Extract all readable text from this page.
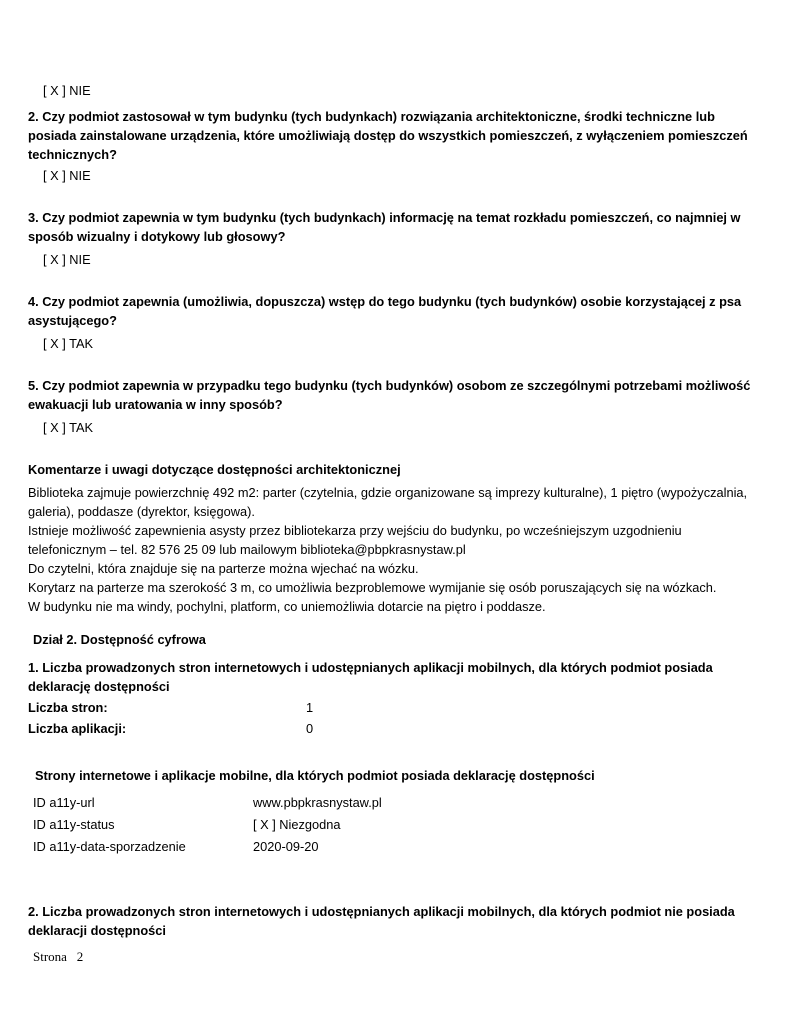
[ X ] NIE
2. Czy podmiot zastosował w tym budynku (tych budynkach) rozwiązania architektoniczne, środki techniczne lub
posiada zainstalowane urządzenia, które umożliwiają dostęp do wszystkich pomieszczeń, z wyłączeniem pomieszczeń
technicznych?
[ X ] NIE
3. Czy podmiot zapewnia w tym budynku (tych budynkach) informację na temat rozkładu pomieszczeń, co najmniej w
sposób wizualny i dotykowy lub głosowy?
[ X ] NIE
4. Czy podmiot zapewnia (umożliwia, dopuszcza) wstęp do tego budynku (tych budynków) osobie korzystającej z psa
asystującego?
[ X ] TAK
5. Czy podmiot zapewnia w przypadku tego budynku (tych budynków) osobom ze szczególnymi potrzebami możliwość
ewakuacji lub uratowania w inny sposób?
[ X ] TAK
Komentarze i uwagi dotyczące dostępności architektonicznej
Biblioteka zajmuje powierzchnię 492 m2: parter (czytelnia, gdzie organizowane są imprezy kulturalne), 1 piętro (wypożyczalnia,
galeria), poddasze (dyrektor, księgowa).
Istnieje możliwość zapewnienia asysty przez bibliotekarza przy wejściu do budynku, po wcześniejszym uzgodnieniu
telefonicznym – tel. 82 576 25 09 lub mailowym biblioteka@pbpkrasnystaw.pl
Do czytelni, która znajduje się na parterze można wjechać na wózku.
Korytarz na parterze ma szerokość 3 m, co umożliwia bezproblemowe wymijanie się osób poruszających się na wózkach.
W budynku nie ma windy, pochylni, platform, co uniemożliwia dotarcie na piętro i poddasze.
Dział 2. Dostępność cyfrowa
1. Liczba prowadzonych stron internetowych i udostępnianych aplikacji mobilnych, dla których podmiot posiada
deklarację dostępności
Liczba stron:	1
Liczba aplikacji:	0
Strony internetowe i aplikacje mobilne, dla których podmiot posiada deklarację dostępności
ID a11y-url	www.pbpkrasnystaw.pl
ID a11y-status	[ X ] Niezgodna
ID a11y-data-sporzadzenie	2020-09-20
2. Liczba prowadzonych stron internetowych i udostępnianych aplikacji mobilnych, dla których podmiot nie posiada
deklaracji dostępności
Strona 2
